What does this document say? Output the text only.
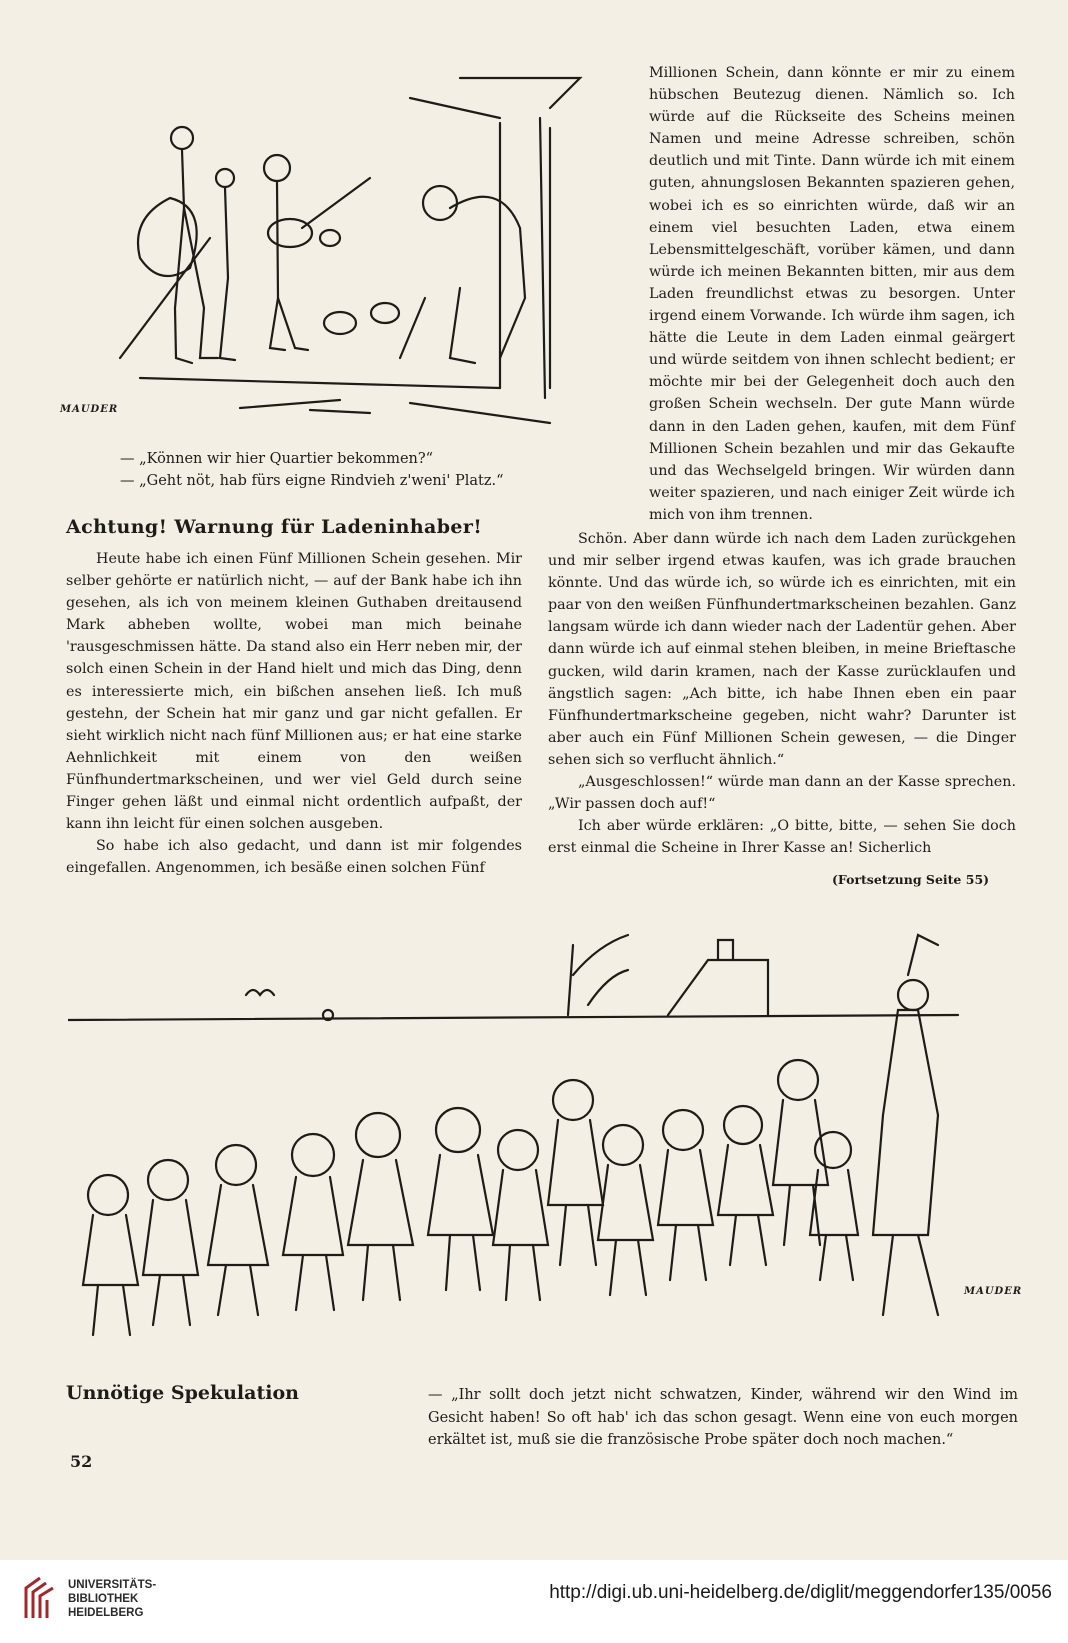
MAUDER
— „Können wir hier Quartier bekommen?“
— „Geht nöt, hab fürs eigne Rindvieh z'weni' Platz.“
Achtung! Warnung für Ladeninhaber!

Heute habe ich einen Fünf Millionen Schein gesehen. Mir selber gehörte er natürlich nicht, — auf der Bank habe ich ihn gesehen, als ich von meinem kleinen Guthaben dreitausend Mark abheben wollte, wobei man mich beinahe 'rausgeschmissen hätte. Da stand also ein Herr neben mir, der solch einen Schein in der Hand hielt und mich das Ding, denn es interessierte mich, ein bißchen ansehen ließ. Ich muß gestehn, der Schein hat mir ganz und gar nicht gefallen. Er sieht wirklich nicht nach fünf Millionen aus; er hat eine starke Aehnlichkeit mit einem von den weißen Fünfhundertmarkscheinen, und wer viel Geld durch seine Finger gehen läßt und einmal nicht ordentlich aufpaßt, der kann ihn leicht für einen solchen ausgeben.

So habe ich also gedacht, und dann ist mir folgendes eingefallen. Angenommen, ich besäße einen solchen Fünf

Millionen Schein, dann könnte er mir zu einem hübschen Beutezug dienen. Nämlich so. Ich würde auf die Rückseite des Scheins meinen Namen und meine Adresse schreiben, schön deutlich und mit Tinte. Dann würde ich mit einem guten, ahnungslosen Bekannten spazieren gehen, wobei ich es so einrichten würde, daß wir an einem viel besuchten Laden, etwa einem Lebensmittelgeschäft, vorüber kämen, und dann würde ich meinen Bekannten bitten, mir aus dem Laden freundlichst etwas zu besorgen. Unter irgend einem Vorwande. Ich würde ihm sagen, ich hätte die Leute in dem Laden einmal geärgert und würde seitdem von ihnen schlecht bedient; er möchte mir bei der Gelegenheit doch auch den großen Schein wechseln. Der gute Mann würde dann in den Laden gehen, kaufen, mit dem Fünf Millionen Schein bezahlen und mir das Gekaufte und das Wechselgeld bringen. Wir würden dann weiter spazieren, und nach einiger Zeit würde ich mich von ihm trennen.

Schön. Aber dann würde ich nach dem Laden zurückgehen und mir selber irgend etwas kaufen, was ich grade brauchen könnte. Und das würde ich, so würde ich es einrichten, mit ein paar von den weißen Fünfhundertmarkscheinen bezahlen. Ganz langsam würde ich dann wieder nach der Ladentür gehen. Aber dann würde ich auf einmal stehen bleiben, in meine Brieftasche gucken, wild darin kramen, nach der Kasse zurücklaufen und ängstlich sagen: „Ach bitte, ich habe Ihnen eben ein paar Fünfhundertmarkscheine gegeben, nicht wahr? Darunter ist aber auch ein Fünf Millionen Schein gewesen, — die Dinger sehen sich so verflucht ähnlich.“

„Ausgeschlossen!“ würde man dann an der Kasse sprechen. „Wir passen doch auf!“

Ich aber würde erklären: „O bitte, bitte, — sehen Sie doch erst einmal die Scheine in Ihrer Kasse an! Sicherlich

(Fortsetzung Seite 55)
MAUDER
Unnötige Spekulation	— „Ihr sollt doch jetzt nicht schwatzen, Kinder, während wir den Wind im Gesicht haben! So oft hab' ich das schon gesagt. Wenn eine von euch morgen erkältet ist, muß sie die französische Probe später doch noch machen.“
52
UNIVERSITÄTS-
BIBLIOTHEK
HEIDELBERG
http://digi.ub.uni-heidelberg.de/diglit/meggendorfer135/0056
